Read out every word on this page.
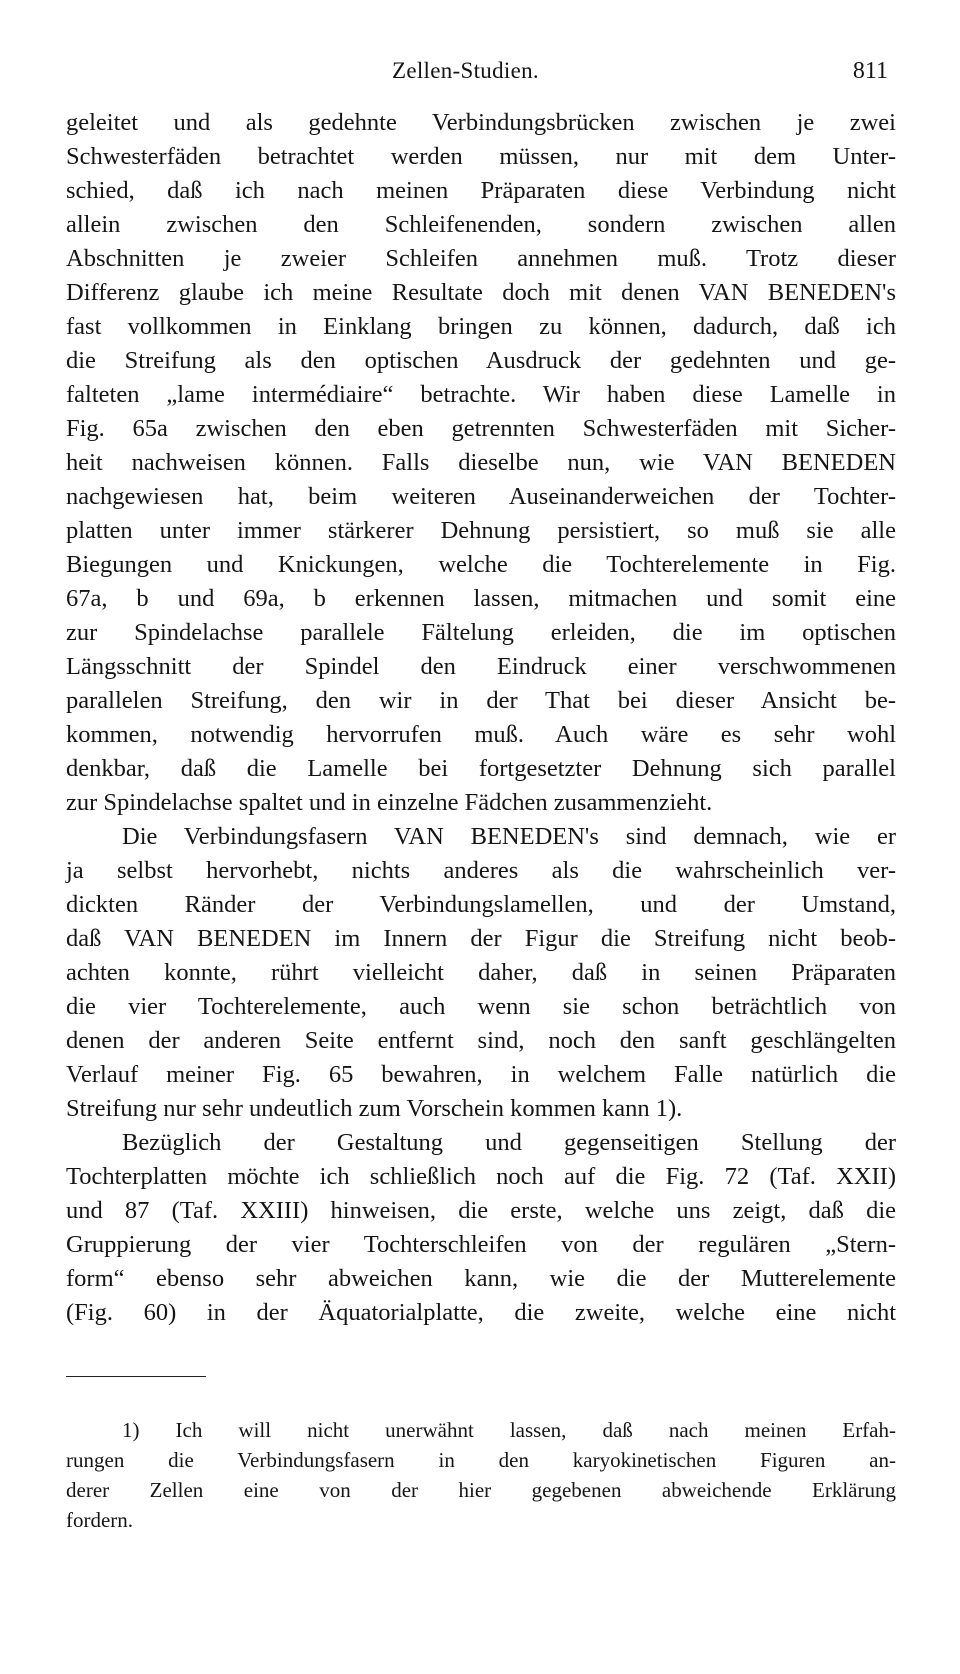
Zellen-Studien.	811
geleitet und als gedehnte Verbindungsbrücken zwischen je zwei
Schwesterfäden betrachtet werden müssen, nur mit dem Unter-
schied, daß ich nach meinen Präparaten diese Verbindung nicht
allein zwischen den Schleifenenden, sondern zwischen allen
Abschnitten je zweier Schleifen annehmen muß. Trotz dieser
Differenz glaube ich meine Resultate doch mit denen VAN BENEDEN's
fast vollkommen in Einklang bringen zu können, dadurch, daß ich
die Streifung als den optischen Ausdruck der gedehnten und ge-
falteten „lame intermédiaire“ betrachte. Wir haben diese Lamelle in
Fig. 65a zwischen den eben getrennten Schwesterfäden mit Sicher-
heit nachweisen können. Falls dieselbe nun, wie VAN BENEDEN
nachgewiesen hat, beim weiteren Auseinanderweichen der Tochter-
platten unter immer stärkerer Dehnung persistiert, so muß sie alle
Biegungen und Knickungen, welche die Tochterelemente in Fig.
67a, b und 69a, b erkennen lassen, mitmachen und somit eine
zur Spindelachse parallele Fältelung erleiden, die im optischen
Längsschnitt der Spindel den Eindruck einer verschwommenen
parallelen Streifung, den wir in der That bei dieser Ansicht be-
kommen, notwendig hervorrufen muß. Auch wäre es sehr wohl
denkbar, daß die Lamelle bei fortgesetzter Dehnung sich parallel
zur Spindelachse spaltet und in einzelne Fädchen zusammenzieht.
Die Verbindungsfasern VAN BENEDEN's sind demnach, wie er
ja selbst hervorhebt, nichts anderes als die wahrscheinlich ver-
dickten Ränder der Verbindungslamellen, und der Umstand,
daß VAN BENEDEN im Innern der Figur die Streifung nicht beob-
achten konnte, rührt vielleicht daher, daß in seinen Präparaten
die vier Tochterelemente, auch wenn sie schon beträchtlich von
denen der anderen Seite entfernt sind, noch den sanft geschlängelten
Verlauf meiner Fig. 65 bewahren, in welchem Falle natürlich die
Streifung nur sehr undeutlich zum Vorschein kommen kann 1).
Bezüglich der Gestaltung und gegenseitigen Stellung der
Tochterplatten möchte ich schließlich noch auf die Fig. 72 (Taf. XXII)
und 87 (Taf. XXIII) hinweisen, die erste, welche uns zeigt, daß die
Gruppierung der vier Tochterschleifen von der regulären „Stern-
form“ ebenso sehr abweichen kann, wie die der Mutterelemente
(Fig. 60) in der Äquatorialplatte, die zweite, welche eine nicht
1) Ich will nicht unerwähnt lassen, daß nach meinen Erfah-
rungen die Verbindungsfasern in den karyokinetischen Figuren an-
derer Zellen eine von der hier gegebenen abweichende Erklärung
fordern.
